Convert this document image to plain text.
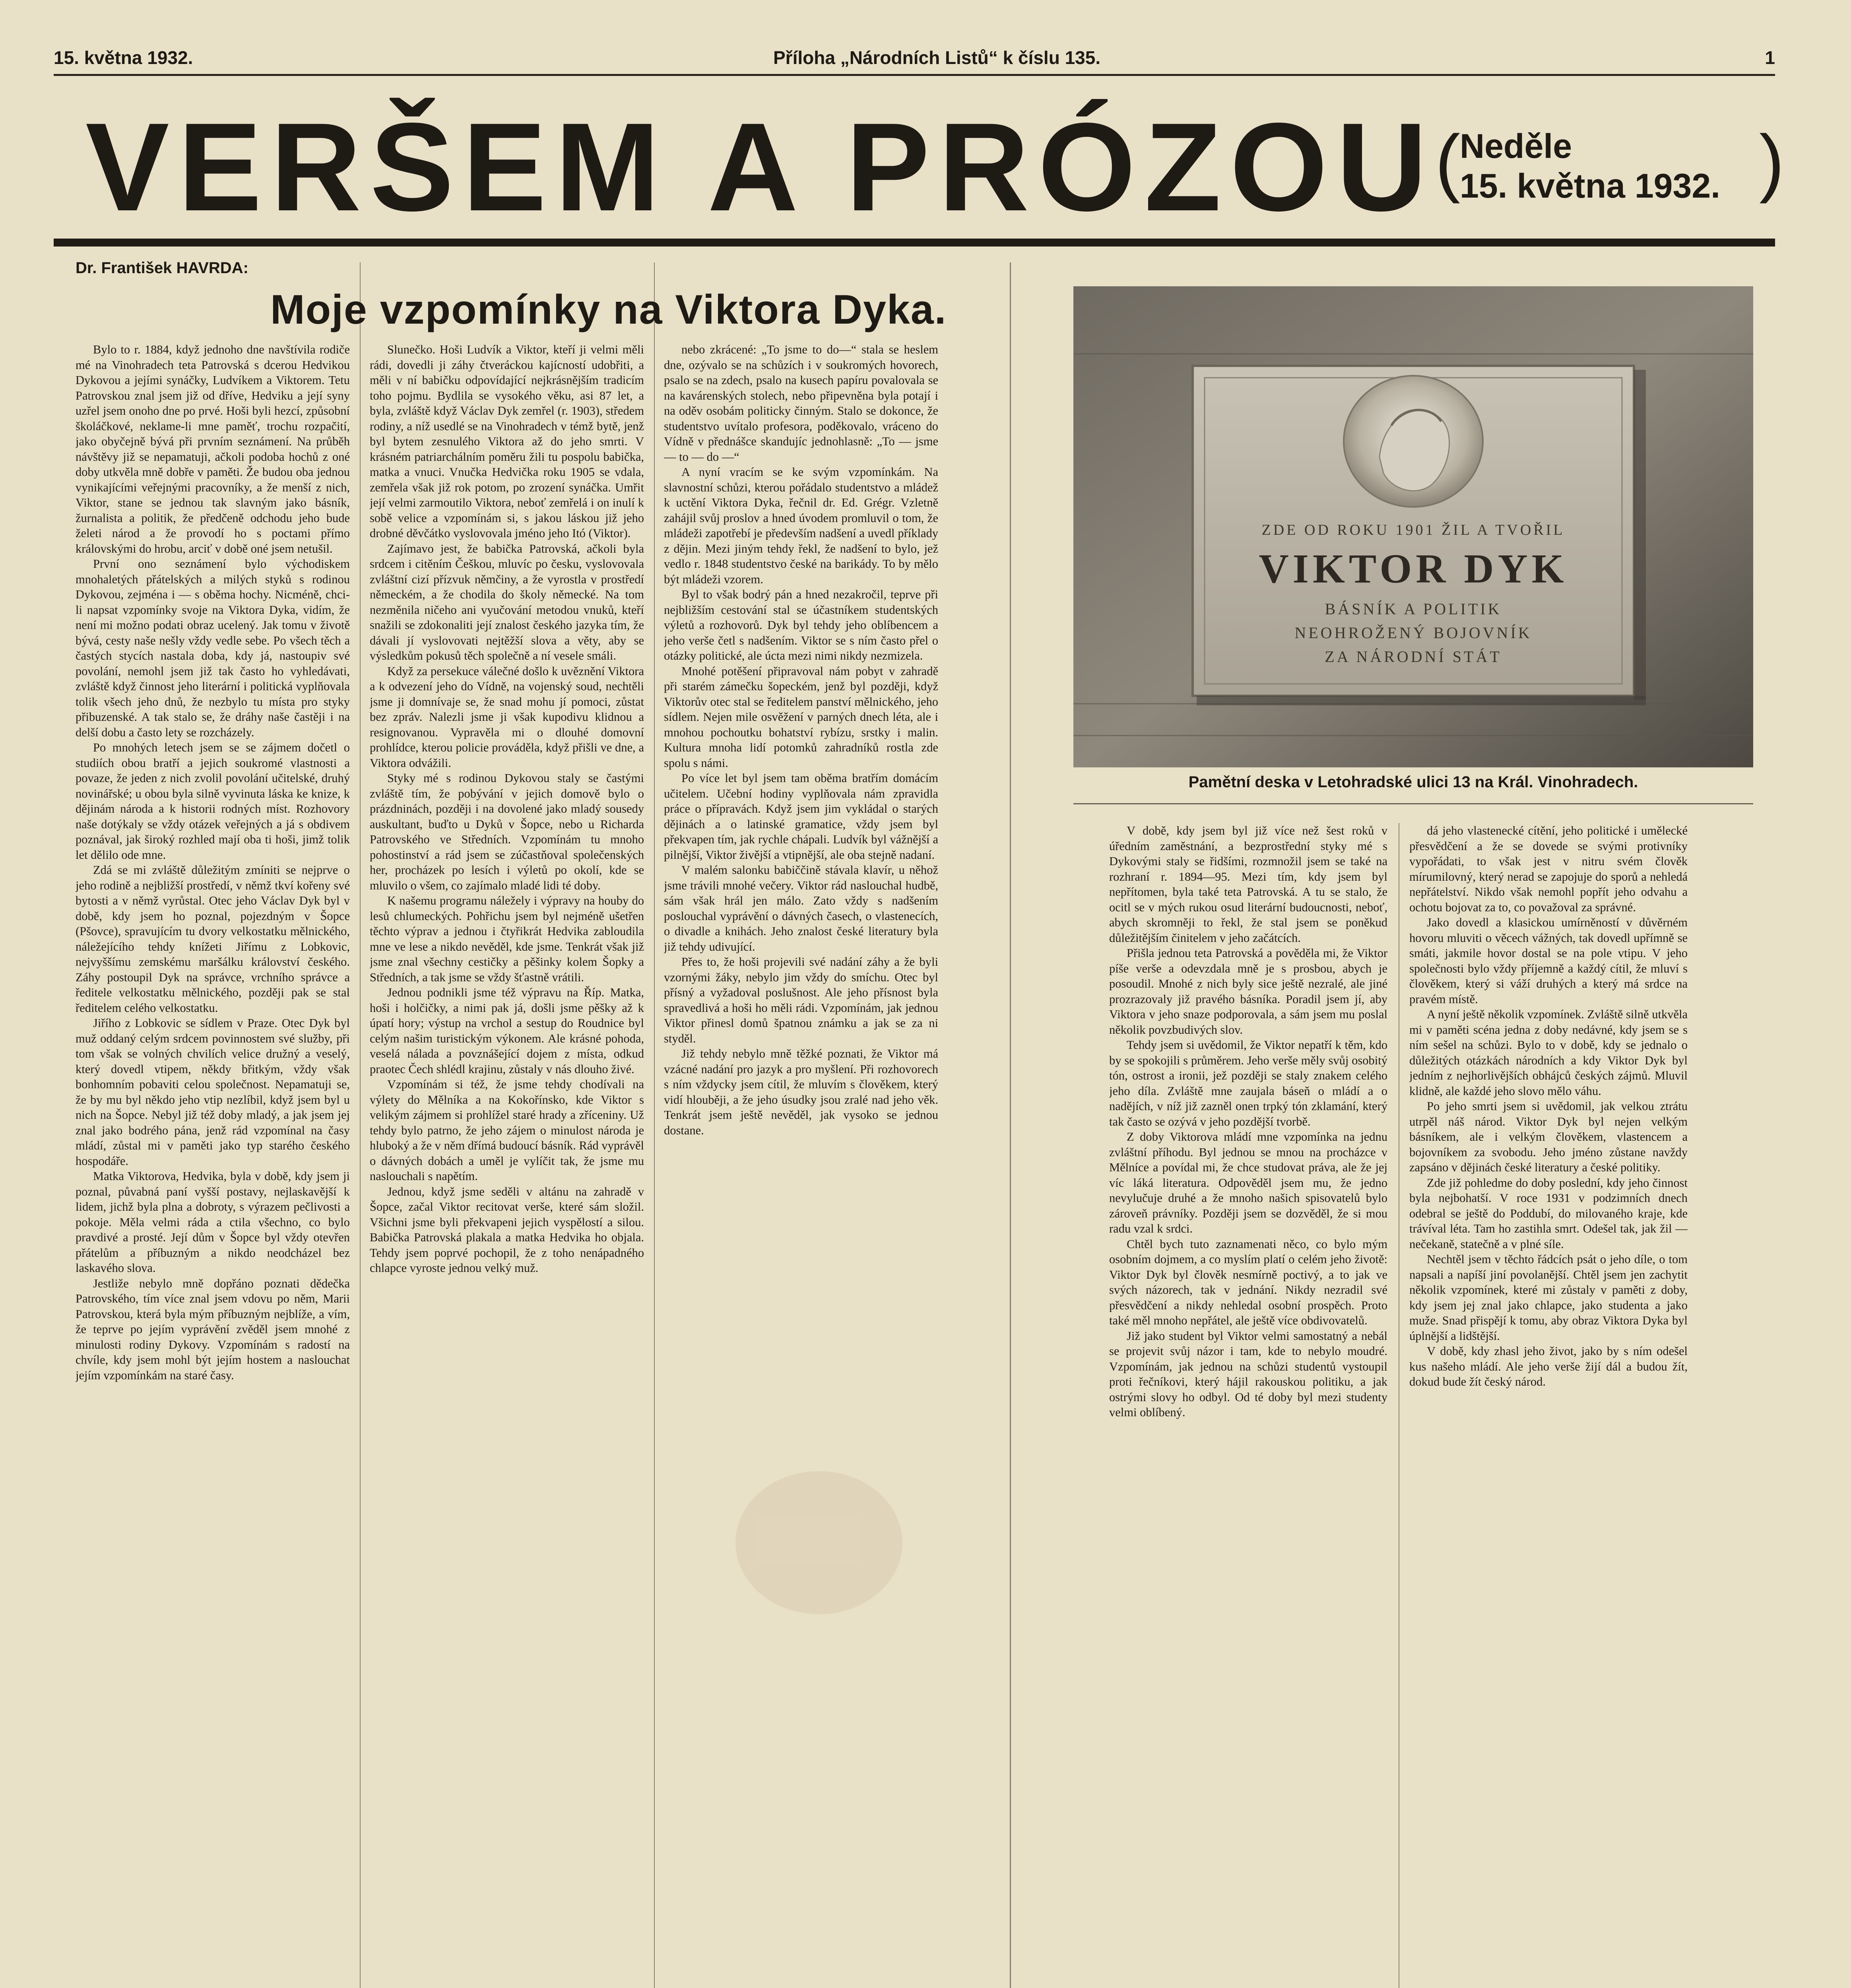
15. května 1932.	Příloha „Národních Listů“ k číslu 135.	1
VERŠEM A PRÓZOU
(
Neděle
15. května 1932. )
Dr. František HAVRDA:
Moje vzpomínky na Viktora Dyka.

Bylo to r. 1884, když jednoho dne navštívila rodiče mé na Vinohradech teta Patrovská s dcerou Hedvikou Dykovou a jejími synáčky, Ludvíkem a Viktorem. Tetu Patrovskou znal jsem již od dříve, Hedviku a její syny uzřel jsem onoho dne po prvé. Hoši byli hezcí, způsobní školáčkové, neklame-li mne paměť, trochu rozpačití, jako obyčejně bývá při prvním seznámení. Na průběh návštěvy již se nepamatuji, ačkoli podoba hochů z oné doby utkvěla mně dobře v paměti. Že budou oba jednou vynikajícími veřejnými pracovníky, a že menší z nich, Viktor, stane se jednou tak slavným jako básník, žurnalista a politik, že předčeně odchodu jeho bude želeti národ a že provodí ho s poctami přímo královskými do hrobu, arciť v době oné jsem netušil.

První ono seznámení bylo východiskem mnohaletých přátelských a milých styků s rodinou Dykovou, zejména i — s oběma hochy. Nicméně, chci-li napsat vzpomínky svoje na Viktora Dyka, vidím, že není mi možno podati obraz ucelený. Jak tomu v životě bývá, cesty naše nešly vždy vedle sebe. Po všech těch a častých stycích nastala doba, kdy já, nastoupiv své povolání, nemohl jsem již tak často ho vyhledávati, zvláště když činnost jeho literární i politická vyplňovala tolik všech jeho dnů, že nezbylo tu místa pro styky přibuzenské. A tak stalo se, že dráhy naše častěji i na delší dobu a často lety se rozcházely.

Po mnohých letech jsem se se zájmem dočetl o studiích obou bratří a jejich soukromé vlastnosti a povaze, že jeden z nich zvolil povolání učitelské, druhý novinářské; u obou byla silně vyvinuta láska ke knize, k dějinám národa a k historii rodných míst. Rozhovory naše dotýkaly se vždy otázek veřejných a já s obdivem poznával, jak široký rozhled mají oba ti hoši, jimž tolik let dělilo ode mne.

Zdá se mi zvláště důležitým zmíniti se nejprve o jeho rodině a nejbližší prostředí, v němž tkví kořeny své bytosti a v němž vyrůstal. Otec jeho Václav Dyk byl v době, kdy jsem ho poznal, pojezdným v Šopce (Pšovce), spravujícím tu dvory velkostatku mělnického, náležejícího tehdy knížeti Jiřímu z Lobkovic, nejvyššímu zemskému maršálku království českého. Záhy postoupil Dyk na správce, vrchního správce a ředitele velkostatku mělnického, později pak se stal ředitelem celého velkostatku.

Jiřího z Lobkovic se sídlem v Praze. Otec Dyk byl muž oddaný celým srdcem povinnostem své služby, při tom však se volných chvilích velice družný a veselý, který dovedl vtipem, někdy břitkým, vždy však bonhomním pobaviti celou společnost. Nepamatuji se, že by mu byl někdo jeho vtip nezlíbil, když jsem byl u nich na Šopce. Nebyl již též doby mladý, a jak jsem jej znal jako bodrého pána, jenž rád vzpomínal na časy mládí, zůstal mi v paměti jako typ starého českého hospodáře.

Matka Viktorova, Hedvika, byla v době, kdy jsem ji poznal, půvabná paní vyšší postavy, nejlaskavější k lidem, jichž byla plna a dobroty, s výrazem pečlivosti a pokoje. Měla velmi ráda a ctila všechno, co bylo pravdivé a prosté. Její dům v Šopce byl vždy otevřen přátelům a příbuzným a nikdo neodcházel bez laskavého slova.

Jestliže nebylo mně dopřáno poznati dědečka Patrovského, tím více znal jsem vdovu po něm, Marii Patrovskou, která byla mým příbuzným nejblíže, a vím, že teprve po jejím vyprávění zvěděl jsem mnohé z minulosti rodiny Dykovy. Vzpomínám s radostí na chvíle, kdy jsem mohl být jejím hostem a naslouchat jejím vzpomínkám na staré časy.

Slunečko. Hoši Ludvík a Viktor, kteří ji velmi měli rádi, dovedli ji záhy čtveráckou kajícností udobřiti, a měli v ní babičku odpovídající nejkrásnějším tradicím toho pojmu. Bydlila se vysokého věku, asi 87 let, a byla, zvláště když Václav Dyk zemřel (r. 1903), středem rodiny, a níž usedlé se na Vinohradech v témž bytě, jenž byl bytem zesnulého Viktora až do jeho smrti. V krásném patriarchálním poměru žili tu pospolu babička, matka a vnuci. Vnučka Hedvička roku 1905 se vdala, zemřela však již rok potom, po zrození synáčka. Umřit její velmi zarmoutilo Viktora, neboť zemřelá i on inulí k sobě velice a vzpomínám si, s jakou láskou již jeho drobné děvčátko vyslovovala jméno jeho Itó (Viktor).

Zajímavo jest, že babička Patrovská, ačkoli byla srdcem i citěním Češkou, mluvíc po česku, vyslovovala zvláštní cizí přízvuk němčiny, a že vyrostla v prostředí německém, a že chodila do školy německé. Na tom nezměnila ničeho ani vyučování metodou vnuků, kteří snažili se zdokonaliti její znalost českého jazyka tím, že dávali jí vyslovovati nejtěžší slova a věty, aby se výsledkům pokusů těch společně a ní vesele smáli.

Když za persekuce válečné došlo k uvěznění Viktora a k odvezení jeho do Vídně, na vojenský soud, nechtěli jsme ji domnívaje se, že snad mohu jí pomoci, zůstat bez zpráv. Nalezli jsme ji však kupodivu klidnou a resignovanou. Vypravěla mi o dlouhé domovní prohlídce, kterou policie prováděla, když přišli ve dne, a Viktora odvážili.

Styky mé s rodinou Dykovou staly se častými zvláště tím, že pobývání v jejich domově bylo o prázdninách, později i na dovolené jako mladý sousedy auskultant, buďto u Dyků v Šopce, nebo u Richarda Patrovského ve Středních. Vzpomínám tu mnoho pohostinství a rád jsem se zúčastňoval společenských her, procházek po lesích i výletů po okolí, kde se mluvilo o všem, co zajímalo mladé lidi té doby.

K našemu programu náležely i výpravy na houby do lesů chlumeckých. Pohřichu jsem byl nejméně ušetřen těchto výprav a jednou i čtyřikrát Hedvika zabloudila mne ve lese a nikdo nevěděl, kde jsme. Tenkrát však již jsme znal všechny cestičky a pěšinky kolem Šopky a Středních, a tak jsme se vždy šťastně vrátili.

Jednou podnikli jsme též výpravu na Říp. Matka, hoši i holčičky, a nimi pak já, došli jsme pěšky až k úpatí hory; výstup na vrchol a sestup do Roudnice byl celým našim turistickým výkonem. Ale krásné pohoda, veselá nálada a povznášející dojem z místa, odkud praotec Čech shlédl krajinu, zůstaly v nás dlouho živé.

Vzpomínám si též, že jsme tehdy chodívali na výlety do Mělníka a na Kokořínsko, kde Viktor s velikým zájmem si prohlížel staré hrady a zříceniny. Už tehdy bylo patrno, že jeho zájem o minulost národa je hluboký a že v něm dřímá budoucí básník. Rád vyprávěl o dávných dobách a uměl je vylíčit tak, že jsme mu naslouchali s napětím.

Jednou, když jsme seděli v altánu na zahradě v Šopce, začal Viktor recitovat verše, které sám složil. Všichni jsme byli překvapeni jejich vyspělostí a silou. Babička Patrovská plakala a matka Hedvika ho objala. Tehdy jsem poprvé pochopil, že z toho nenápadného chlapce vyroste jednou velký muž.

nebo zkrácené: „To jsme to do—“ stala se heslem dne, ozývalo se na schůzích i v soukromých hovorech, psalo se na zdech, psalo na kusech papíru povalovala se na kavárenských stolech, nebo připevněna byla potají i na oděv osobám politicky činným. Stalo se dokonce, že studentstvo uvítalo profesora, poděkovalo, vráceno do Vídně v přednášce skandujíc jednohlasně: „To — jsme — to — do —“

A nyní vracím se ke svým vzpomínkám. Na slavnostní schůzi, kterou pořádalo studentstvo a mládež k uctění Viktora Dyka, řečnil dr. Ed. Grégr. Vzletně zahájil svůj proslov a hned úvodem promluvil o tom, že mládeži zapotřebí je především nadšení a uvedl příklady z dějin. Mezi jiným tehdy řekl, že nadšení to bylo, jež vedlo r. 1848 studentstvo české na barikády. To by mělo být mládeži vzorem.

Byl to však bodrý pán a hned nezakročil, teprve při nejbližším cestování stal se účastníkem studentských výletů a rozhovorů. Dyk byl tehdy jeho oblíbencem a jeho verše četl s nadšením. Viktor se s ním často přel o otázky politické, ale úcta mezi nimi nikdy nezmizela.

Mnohé potěšení připravoval nám pobyt v zahradě při starém zámečku šopeckém, jenž byl později, když Viktorův otec stal se ředitelem panství mělnického, jeho sídlem. Nejen mile osvěžení v parných dnech léta, ale i mnohou pochoutku bohatství rybízu, srstky i malin. Kultura mnoha lidí potomků zahradníků rostla zde spolu s námi.

Po více let byl jsem tam oběma bratřím domácím učitelem. Učební hodiny vyplňovala nám zpravidla práce o přípravách. Když jsem jim vykládal o starých dějinách a o latinské gramatice, vždy jsem byl překvapen tím, jak rychle chápali. Ludvík byl vážnější a pilnější, Viktor živější a vtipnější, ale oba stejně nadaní.

V malém salonku babiččině stávala klavír, u něhož jsme trávili mnohé večery. Viktor rád naslouchal hudbě, sám však hrál jen málo. Zato vždy s nadšením poslouchal vyprávění o dávných časech, o vlastenecích, o divadle a knihách. Jeho znalost české literatury byla již tehdy udivující.

Přes to, že hoši projevili své nadání záhy a že byli vzornými žáky, nebylo jim vždy do smíchu. Otec byl přísný a vyžadoval poslušnost. Ale jeho přísnost byla spravedlivá a hoši ho měli rádi. Vzpomínám, jak jednou Viktor přinesl domů špatnou známku a jak se za ni styděl.

Již tehdy nebylo mně těžké poznati, že Viktor má vzácné nadání pro jazyk a pro myšlení. Při rozhovorech s ním vždycky jsem cítil, že mluvím s člověkem, který vidí hlouběji, a že jeho úsudky jsou zralé nad jeho věk. Tenkrát jsem ještě nevěděl, jak vysoko se jednou dostane.

ZDE OD ROKU 1901 ŽIL A TVOŘIL
VIKTOR DYK
BÁSNÍK A POLITIK
NEOHROŽENÝ BOJOVNÍK
ZA NÁRODNÍ STÁT
Pamětní deska v Letohradské ulici 13 na Král. Vinohradech.

V době, kdy jsem byl již více než šest roků v úředním zaměstnání, a bezprostřední styky mé s Dykovými staly se řidšími, rozmnožil jsem se také na rozhraní r. 1894—95. Mezi tím, kdy jsem byl nepřítomen, byla také teta Patrovská. A tu se stalo, že ocitl se v mých rukou osud literární budoucnosti, neboť, abych skromněji to řekl, že stal jsem se poněkud důležitějším činitelem v jeho začátcích.

Přišla jednou teta Patrovská a pověděla mi, že Viktor píše verše a odevzdala mně je s prosbou, abych je posoudil. Mnohé z nich byly sice ještě nezralé, ale jiné prozrazovaly již pravého básníka. Poradil jsem jí, aby Viktora v jeho snaze podporovala, a sám jsem mu poslal několik povzbudivých slov.

Tehdy jsem si uvědomil, že Viktor nepatří k těm, kdo by se spokojili s průměrem. Jeho verše měly svůj osobitý tón, ostrost a ironii, jež později se staly znakem celého jeho díla. Zvláště mne zaujala báseň o mládí a o nadějích, v níž již zazněl onen trpký tón zklamání, který tak často se ozývá v jeho pozdější tvorbě.

Z doby Viktorova mládí mne vzpomínka na jednu zvláštní příhodu. Byl jednou se mnou na procházce v Mělníce a povídal mi, že chce studovat práva, ale že jej víc láká literatura. Odpověděl jsem mu, že jedno nevylučuje druhé a že mnoho našich spisovatelů bylo zároveň právníky. Později jsem se dozvěděl, že si mou radu vzal k srdci.

Chtěl bych tuto zaznamenati něco, co bylo mým osobním dojmem, a co myslím platí o celém jeho životě: Viktor Dyk byl člověk nesmírně poctivý, a to jak ve svých názorech, tak v jednání. Nikdy nezradil své přesvědčení a nikdy nehledal osobní prospěch. Proto také měl mnoho nepřátel, ale ještě více obdivovatelů.

Již jako student byl Viktor velmi samostatný a nebál se projevit svůj názor i tam, kde to nebylo moudré. Vzpomínám, jak jednou na schůzi studentů vystoupil proti řečníkovi, který hájil rakouskou politiku, a jak ostrými slovy ho odbyl. Od té doby byl mezi studenty velmi oblíbený.

dá jeho vlastenecké cítění, jeho politické i umělecké přesvědčení a že se dovede se svými protivníky vypořádati, to však jest v nitru svém člověk mírumilovný, který nerad se zapojuje do sporů a nehledá nepřátelství. Nikdo však nemohl popřít jeho odvahu a ochotu bojovat za to, co považoval za správné.

Jako dovedl a klasickou umírněností v důvěrném hovoru mluviti o věcech vážných, tak dovedl upřímně se smáti, jakmile hovor dostal se na pole vtipu. V jeho společnosti bylo vždy příjemně a každý cítil, že mluví s člověkem, který si váží druhých a který má srdce na pravém místě.

A nyní ještě několik vzpomínek. Zvláště silně utkvěla mi v paměti scéna jedna z doby nedávné, kdy jsem se s ním sešel na schůzi. Bylo to v době, kdy se jednalo o důležitých otázkách národních a kdy Viktor Dyk byl jedním z nejhorlivějších obhájců českých zájmů. Mluvil klidně, ale každé jeho slovo mělo váhu.

Po jeho smrti jsem si uvědomil, jak velkou ztrátu utrpěl náš národ. Viktor Dyk byl nejen velkým básníkem, ale i velkým člověkem, vlastencem a bojovníkem za svobodu. Jeho jméno zůstane navždy zapsáno v dějinách české literatury a české politiky.

Zde již pohledme do doby poslední, kdy jeho činnost byla nejbohatší. V roce 1931 v podzimních dnech odebral se ještě do Poddubí, do milovaného kraje, kde trávíval léta. Tam ho zastihla smrt. Odešel tak, jak žil — nečekaně, statečně a v plné síle.

Nechtěl jsem v těchto řádcích psát o jeho díle, o tom napsali a napíší jiní povolanější. Chtěl jsem jen zachytit několik vzpomínek, které mi zůstaly v paměti z doby, kdy jsem jej znal jako chlapce, jako studenta a jako muže. Snad přispějí k tomu, aby obraz Viktora Dyka byl úplnější a lidštější.

V době, kdy zhasl jeho život, jako by s ním odešel kus našeho mládí. Ale jeho verše žijí dál a budou žít, dokud bude žít český národ.
